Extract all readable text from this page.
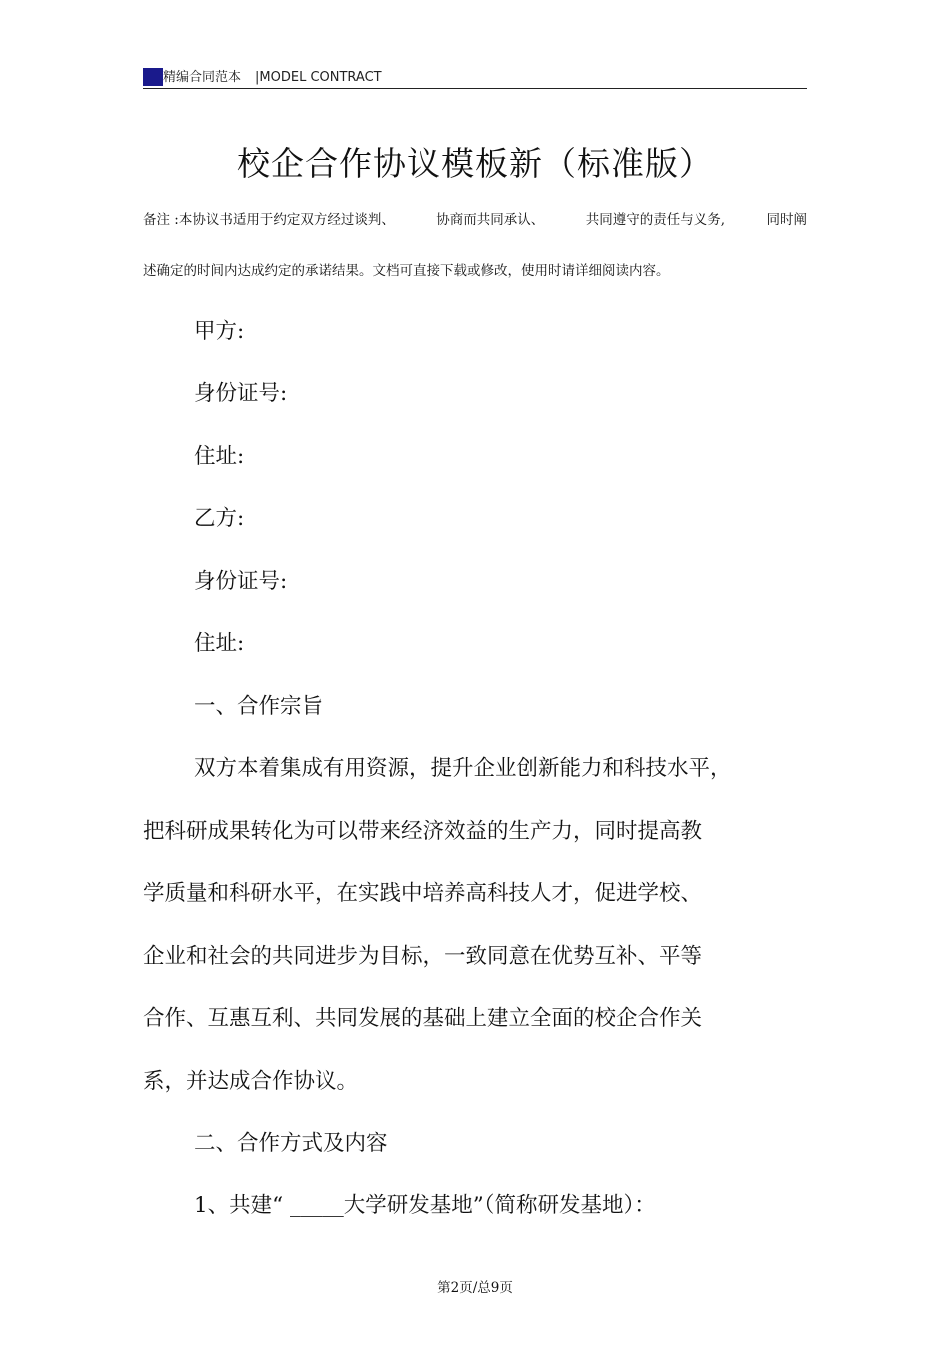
精编合同范本 |MODEL CONTRACT
校企合作协议模板新（标准版）
备注 :本协议书适用于约定双方经过谈判、	协商而共同承认、	共同遵守的责任与义务,	同时阐
述确定的时间内达成约定的承诺结果。文档可直接下载或修改，使用时请详细阅读内容。
甲方:
身份证号:
住址:
乙方:
身份证号:
住址:
一、合作宗旨
双方本着集成有用资源，提升企业创新能力和科技水平，
把科研成果转化为可以带来经济效益的生产力，同时提高教
学质量和科研水平，在实践中培养高科技人才，促进学校、
企业和社会的共同进步为目标，一致同意在优势互补、平等
合作、互惠互利、共同发展的基础上建立全面的校企合作关
系，并达成合作协议。
二、合作方式及内容
1、共建“ _____大学研发基地”（简称研发基地）：
第2页/总9页
